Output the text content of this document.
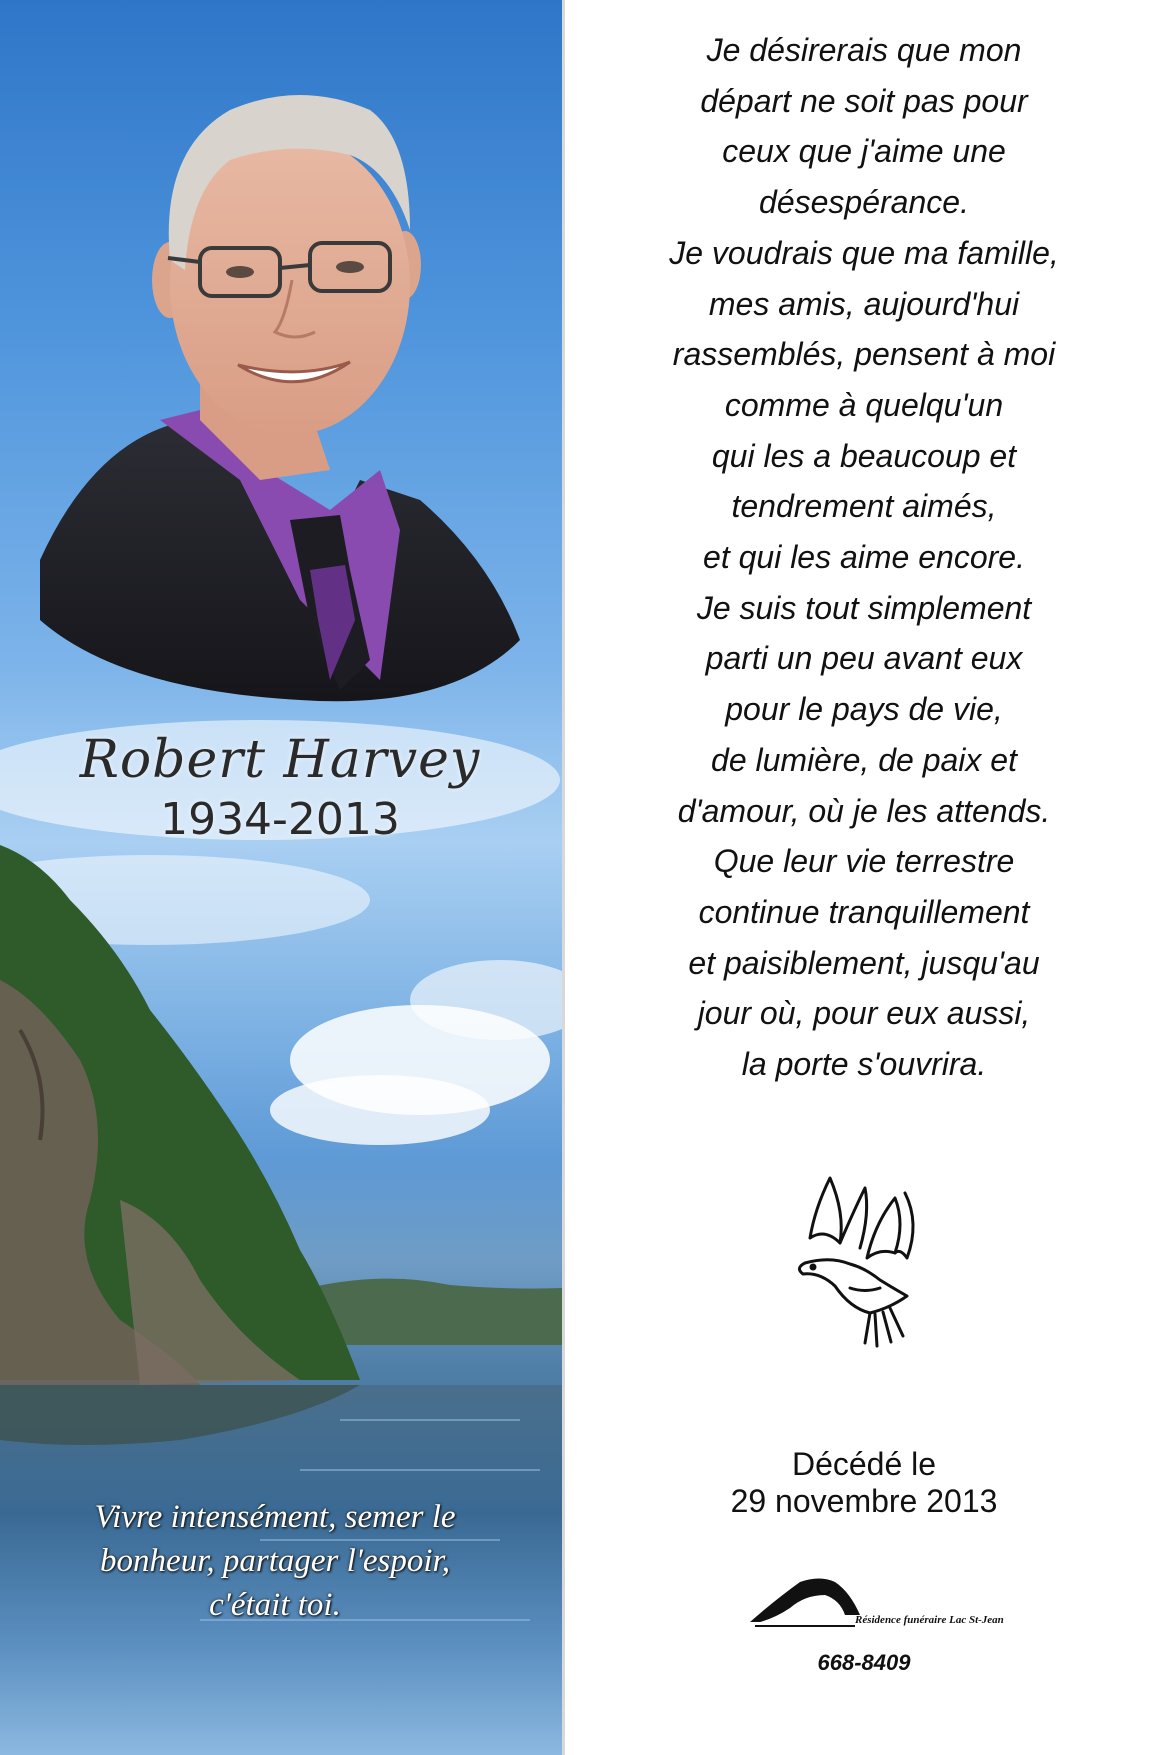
Robert Harvey
1934-2013
Vivre intensément, semer le
bonheur, partager l'espoir,
c'était toi.
Je désirerais que mon
départ ne soit pas pour
ceux que j'aime une
désespérance.
Je voudrais que ma famille,
mes amis, aujourd'hui
rassemblés, pensent à moi
comme à quelqu'un
qui les a beaucoup et
tendrement aimés,
et qui les aime encore.
Je suis tout simplement
parti un peu avant eux
pour le pays de vie,
de lumière, de paix et
d'amour, où je les attends.
Que leur vie terrestre
continue tranquillement
et paisiblement, jusqu'au
jour où, pour eux aussi,
la porte s'ouvrira.
Décédé le
29 novembre 2013
Résidence funéraire Lac St-Jean
668-8409
